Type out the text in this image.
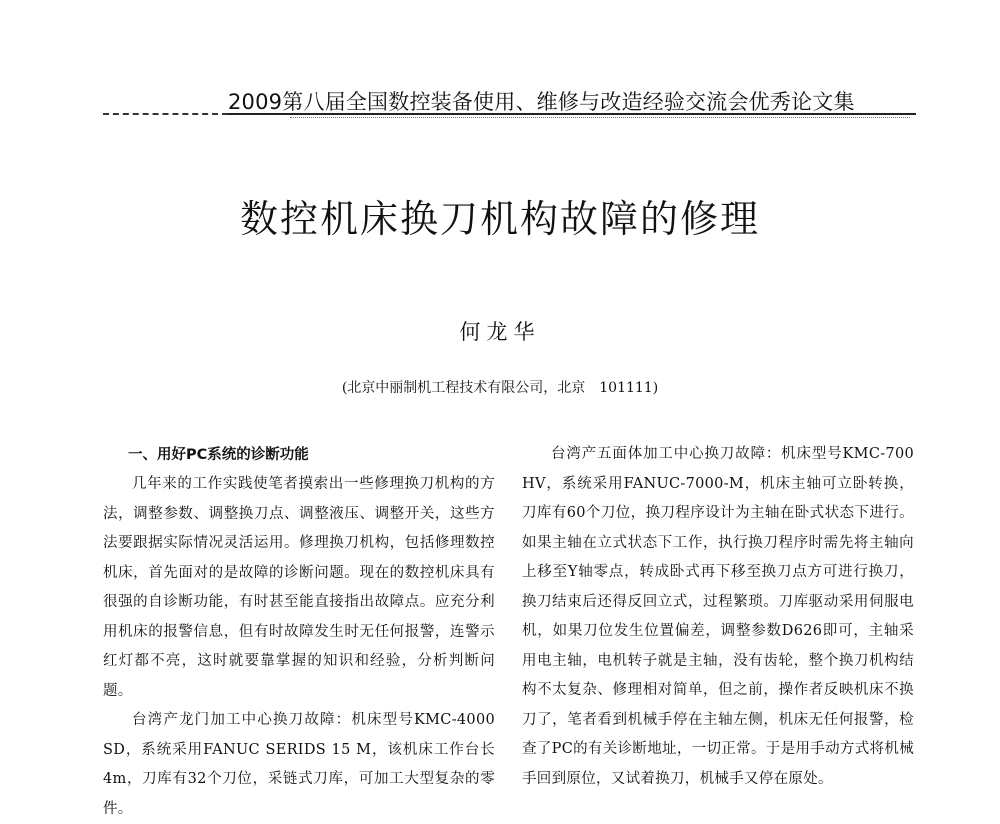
2009第八届全国数控装备使用、维修与改造经验交流会优秀论文集
数控机床换刀机构故障的修理
何龙华
(北京中丽制机工程技术有限公司，北京　101111)
一、用好PC系统的诊断功能

几年来的工作实践使笔者摸索出一些修理换刀机构的方法，调整参数、调整换刀点、调整液压、调整开关，这些方法要跟据实际情况灵活运用。修理换刀机构，包括修理数控机床，首先面对的是故障的诊断问题。现在的数控机床具有很强的自诊断功能，有时甚至能直接指出故障点。应充分利用机床的报警信息，但有时故障发生时无任何报警，连警示红灯都不亮，这时就要靠掌握的知识和经验，分析判断问题。

台湾产龙门加工中心换刀故障：机床型号KMC-4000 SD，系统采用FANUC SERIDS 15 M，该机床工作台长4m，刀库有32个刀位，采链式刀库，可加工大型复杂的零件。

台湾产五面体加工中心换刀故障：机床型号KMC-700 HV，系统采用FANUC-7000-M，机床主轴可立卧转换，刀库有60个刀位，换刀程序设计为主轴在卧式状态下进行。如果主轴在立式状态下工作，执行换刀程序时需先将主轴向上移至Y轴零点，转成卧式再下移至换刀点方可进行换刀，换刀结束后还得反回立式，过程繁琐。刀库驱动采用伺服电机，如果刀位发生位置偏差，调整参数D626即可，主轴采用电主轴，电机转子就是主轴，没有齿轮，整个换刀机构结构不太复杂、修理相对简单，但之前，操作者反映机床不换刀了，笔者看到机械手停在主轴左侧，机床无任何报警，检查了PC的有关诊断地址，一切正常。于是用手动方式将机械手回到原位，又试着换刀，机械手又停在原处。
